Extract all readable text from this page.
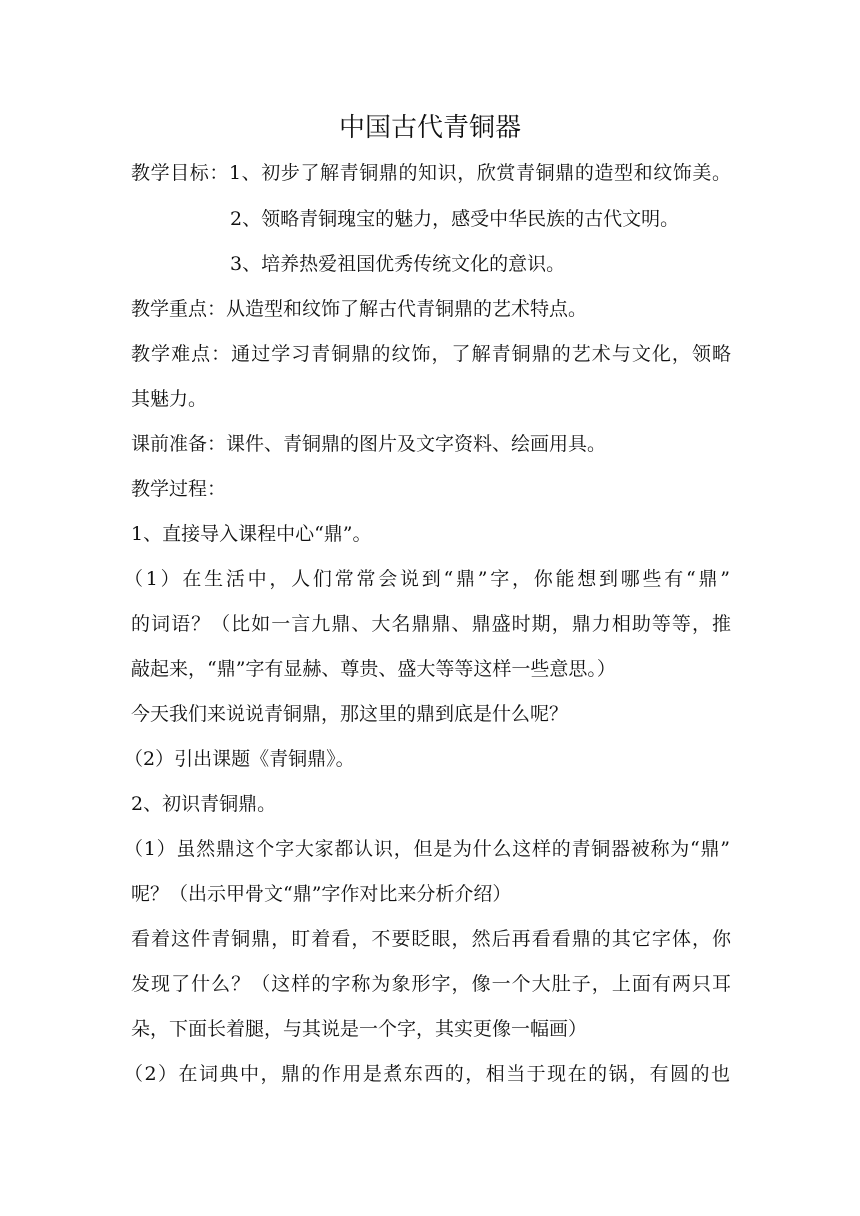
中国古代青铜器
教学目标：1、初步了解青铜鼎的知识，欣赏青铜鼎的造型和纹饰美。
2、领略青铜瑰宝的魅力，感受中华民族的古代文明。
3、培养热爱祖国优秀传统文化的意识。
教学重点：从造型和纹饰了解古代青铜鼎的艺术特点。
教学难点：通过学习青铜鼎的纹饰，了解青铜鼎的艺术与文化，领略
其魅力。
课前准备：课件、青铜鼎的图片及文字资料、绘画用具。
教学过程：
1、直接导入课程中心“鼎”。
（1）在生活中，人们常常会说到“鼎”字，你能想到哪些有“鼎”
的词语？（比如一言九鼎、大名鼎鼎、鼎盛时期，鼎力相助等等，推
敲起来，“鼎”字有显赫、尊贵、盛大等等这样一些意思。）
今天我们来说说青铜鼎，那这里的鼎到底是什么呢？
（2）引出课题《青铜鼎》。
2、初识青铜鼎。
（1）虽然鼎这个字大家都认识，但是为什么这样的青铜器被称为“鼎”
呢？（出示甲骨文“鼎”字作对比来分析介绍）
看着这件青铜鼎，盯着看，不要眨眼，然后再看看鼎的其它字体，你
发现了什么？（这样的字称为象形字，像一个大肚子，上面有两只耳
朵，下面长着腿，与其说是一个字，其实更像一幅画）
（2）在词典中，鼎的作用是煮东西的，相当于现在的锅，有圆的也
